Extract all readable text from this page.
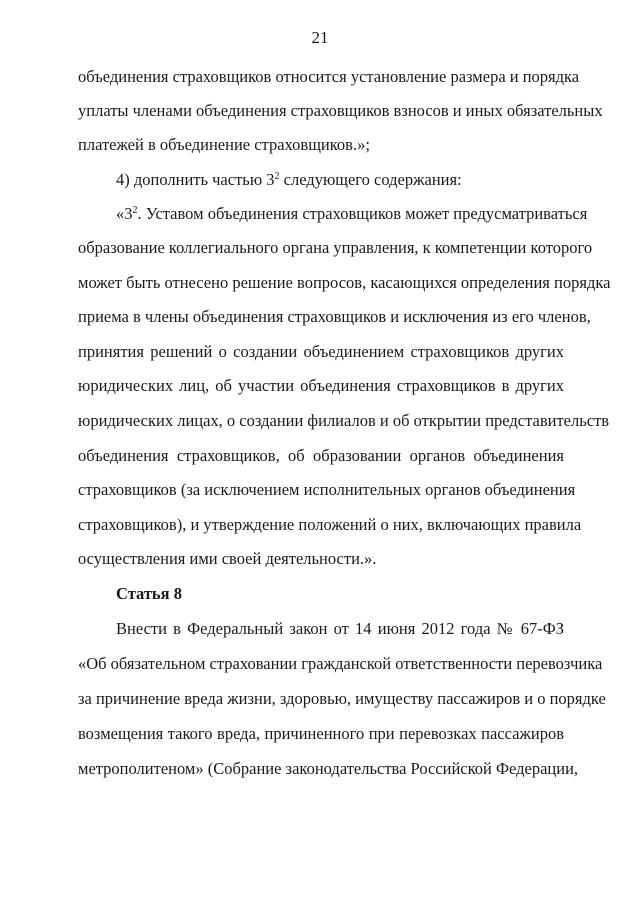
21
объединения страховщиков относится установление размера и порядка
уплаты членами объединения страховщиков взносов и иных обязательных
платежей в объединение страховщиков.»;
4) дополнить частью $3^2$ следующего содержания:
«$3^2$. Уставом объединения страховщиков может предусматриваться
образование коллегиального органа управления, к компетенции которого
может быть отнесено решение вопросов, касающихся определения порядка
приема в члены объединения страховщиков и исключения из его членов,
принятия решений о создании объединением страховщиков других
юридических лиц, об участии объединения страховщиков в других
юридических лицах, о создании филиалов и об открытии представительств
объединения страховщиков, об образовании органов объединения
страховщиков (за исключением исполнительных органов объединения
страховщиков), и утверждение положений о них, включающих правила
осуществления ими своей деятельности.».
Статья 8
Внести в Федеральный закон от 14 июня 2012 года № 67-ФЗ
«Об обязательном страховании гражданской ответственности перевозчика
за причинение вреда жизни, здоровью, имуществу пассажиров и о порядке
возмещения такого вреда, причиненного при перевозках пассажиров
метрополитеном» (Собрание законодательства Российской Федерации,
